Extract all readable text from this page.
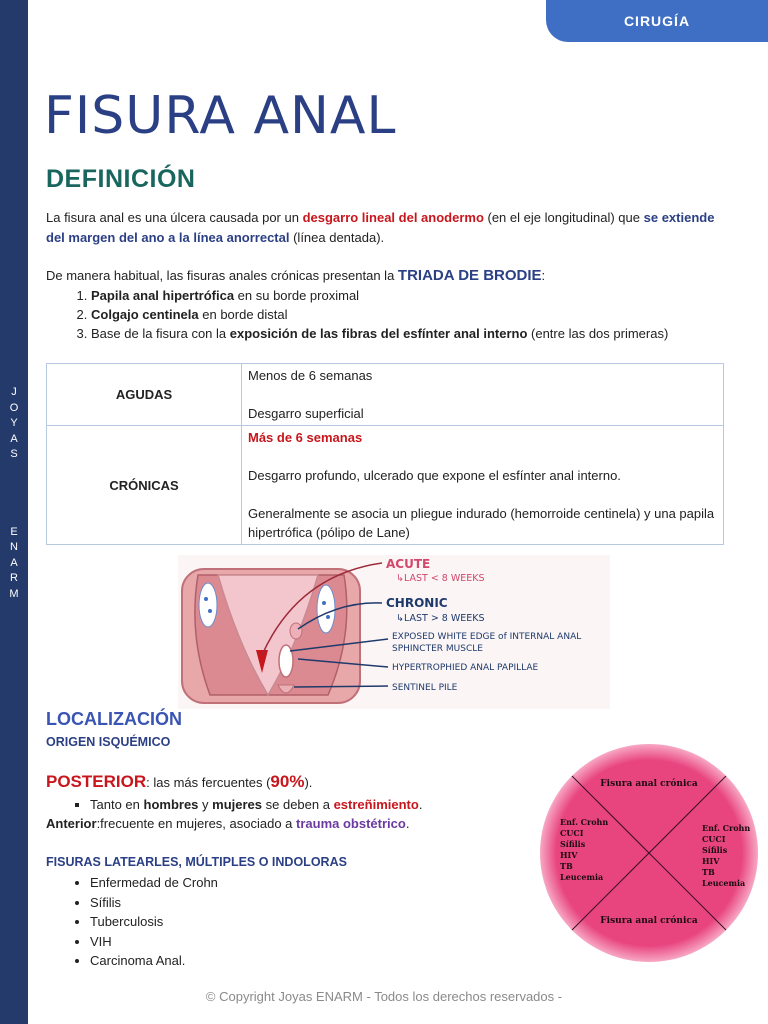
J
O
Y
A
S

E
N
A
R
M
CIRUGÍA
FISURA ANAL
DEFINICIÓN
La fisura anal es una úlcera causada por un desgarro lineal del anodermo (en el eje longitudinal) que se extiende del margen del ano a la línea anorrectal (línea dentada).
De manera habitual, las fisuras anales crónicas presentan la TRIADA DE BRODIE:
1. Papila anal hipertrófica en su borde proximal
2. Colgajo centinela en borde distal
3. Base de la fisura con la exposición de las fibras del esfínter anal interno (entre las dos primeras)
AGUDAS	Menos de 6 semanas

Desgarro superficial

CRÓNICAS	Más de 6 semanas

Desgarro profundo, ulcerado que expone el esfínter anal interno.

Generalmente se asocia un pliegue indurado (hemorroide centinela) y una papila hipertrófica (pólipo de Lane)
ACUTE
↳LAST < 8 WEEKS
CHRONIC
↳LAST > 8 WEEKS
EXPOSED WHITE EDGE of INTERNAL ANAL
SPHINCTER MUSCLE
HYPERTROPHIED ANAL PAPILLAE
SENTINEL PILE
LOCALIZACIÓN
ORIGEN ISQUÉMICO
POSTERIOR: las más fercuentes (90%).
▪ Tanto en hombres y mujeres se deben a estreñimiento.
Anterior:frecuente en mujeres, asociado a trauma obstétrico.
FISURAS LATEARLES, MÚLTIPLES O INDOLORAS
• Enfermedad de Crohn
• Sífilis
• Tuberculosis
• VIH
• Carcinoma Anal.
Fisura anal crónica
Fisura anal crónica
Enf. Crohn
CUCI
Sífilis
HIV
TB
Leucemia
Enf. Crohn
CUCI
Sífilis
HIV
TB
Leucemia
© Copyright Joyas ENARM - Todos los derechos reservados -
